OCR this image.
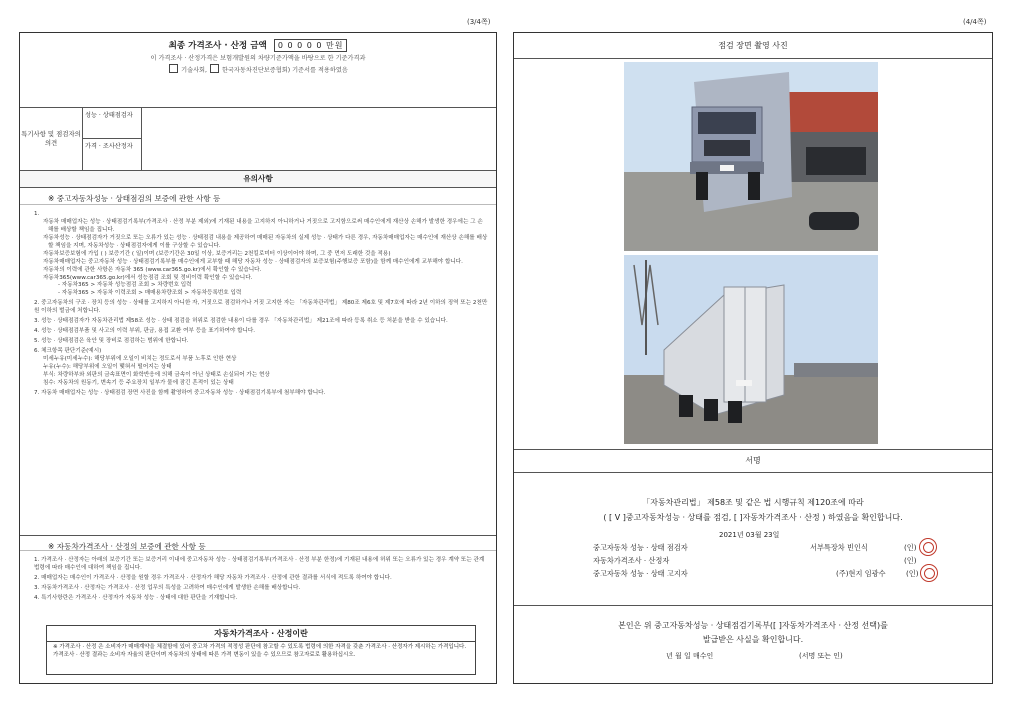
(3/4쪽)	(4/4쪽)
최종 가격조사 · 산정 금액 0 0 0 0 0 만원
이 가격조사 · 산정가격은 보험개발원의 차량기준가액을 바탕으로 한 기준가격과
기술사회, 한국자동차진단보증협회) 기준서를 적용하였음
특기사항 및 점검자의 의견
성능 · 상태점검자
가격 · 조사산정자
유의사항
※ 중고자동차성능 · 상태점검의 보증에 관한 사항 등
1.
자동차 매매업자는 성능 · 상태점검기록부(가격조사 · 산정 부분 제외)에 기재된 내용을 고지하지 아니하거나 거짓으로 고지함으로써 매수인에게 재산상 손해가 발생한 경우에는 그 손해를 배상할 책임을 집니다.
자동차성능 · 상태점검자가 거짓으로 또는 오류가 있는 성능 · 상태점검 내용을 제공하여 매매된 자동차의 실제 성능 · 상태가 다른 경우, 자동차매매업자는 매수인에 재산상 손해를 배상할 책임을 지며, 자동차성능 · 상태점검자에게 이를 구상할 수 있습니다.
자동차보증보험에 가입 ( ) 보증기간 ( 일)이며 (보증기간은 30일 이상, 보증거리는 2천킬로미터 이상이어야 하며, 그 중 먼저 도래한 것을 적용)
자동차매매업자는 중고자동차 성능 · 상태점검기록부를 매수인에게 교부할 때 해당 자동차 성능 · 상태점검자의 보증보험(주행보증 포함)을 함께 매수인에게 교부해야 합니다.
자동차의 이력에 관한 사항은 자동차 365 (www.car365.go.kr)에서 확인할 수 있습니다.
자동차365(www.car365.go.kr)에서 성능점검 조회 및 정비이력 확인할 수 있습니다.
- 자동차365 > 자동차 성능점검 조회 > 차량번호 입력
- 자동차365 > 자동차 이력조회 > 매매용차량조회 > 자동차등록번호 입력
2. 중고자동차의 구조 · 장치 등의 성능 · 상태를 고지하지 아니한 자, 거짓으로 점검하거나 거짓 고지한 자는 「자동차관리법」 제80조 제6호 및 제7호에 따라 2년 이하의 징역 또는 2천만원 이하의 벌금에 처합니다.
3. 성능 · 상태점검자가 자동차관리법 제58조 성능 · 상태 점검을 허위로 점검한 내용이 다를 경우 「자동차관리법」 제21조에 따라 등록 취소 등 처분을 받을 수 있습니다.
4. 성능 · 상태점검부품 및 사고의 이력 부위, 판금, 용접 교환 여부 등을 표기하여야 합니다.
5. 성능 · 상태점검은 육안 및 장비로 점검하는 범위에 한합니다.
6. 체크항목 판단기준(예시)
미세누유(미세누수): 해당부위에 오일이 비치는 정도로서 부품 노후로 인한 현상
누유(누수): 해당부위에 오일이 맺혀서 떨어지는 상태
부식: 차량하부와 외판의 금속표면이 화학반응에 의해 금속이 아닌 상태로 손실되어 가는 현상
침수: 자동차의 원동기, 변속기 등 주요장치 일부가 물에 잠긴 흔적이 있는 상태
7. 자동차 매매업자는 성능 · 상태점검 장면 사진을 함께 촬영하여 중고자동차 성능 · 상태점검기록부에 첨부해야 합니다.
※ 자동차가격조사 · 산정의 보증에 관한 사항 등
1. 가격조사 · 산정자는 아래의 보증기간 또는 보증거리 이내에 중고자동차 성능 · 상태점검기록부(가격조사 · 산정 부분 한정)에 기재된 내용에 허위 또는 오류가 있는 경우 계약 또는 관계법령에 따라 매수인에 대하여 책임을 집니다.
2. 매매업자는 매수인이 가격조사 · 산정을 원할 경우 가격조사 · 산정자가 해당 자동차 가격조사 · 산정에 관한 결과를 서식에 적도록 하여야 합니다.
3. 자동차가격조사 · 산정자는 가격조사 · 산정 업무의 특성을 고려하여 매수인에게 발생한 손해를 배상합니다.
4. 특기사항란은 가격조사 · 산정자가 자동차 성능 · 상태에 대한 판단을 기재합니다.
자동차가격조사 · 산정이란
※ 가격조사 · 산정 은 소비자가 매매계약을 체결함에 있어 중고차 가격의 적정성 판단에 참고할 수 있도록 법령에 의한 자격을 갖춘 가격조사 · 산정자가 제시하는 가격입니다. 가격조사 · 산정 결과는 소비자 자율의 판단이며 자동차의 상태에 따른 가격 변동이 있을 수 있으므로 참고자료로 활용하십시오.
점검 장면 촬영 사진
서명
「자동차관리법」 제58조 및 같은 법 시행규칙 제120조에 따라
( [ V ]중고자동차성능 · 상태를 점검, [ ]자동차가격조사 · 산정 ) 하였음을 확인합니다.
2021년 03월 23일
중고자동차 성능 · 상태 점검자	서부특장차 빈인식	(인)
자동차가격조사 · 산정자	(인)
중고자동차 성능 · 상태 고지자	(주)현지 임광수	(인)
본인은 위 중고자동차성능 · 상태점검기록부([ ]자동차가격조사 · 산정 선택)를
발급받은 사실을 확인합니다.
년 월 일 매수인	(서명 또는 인)
